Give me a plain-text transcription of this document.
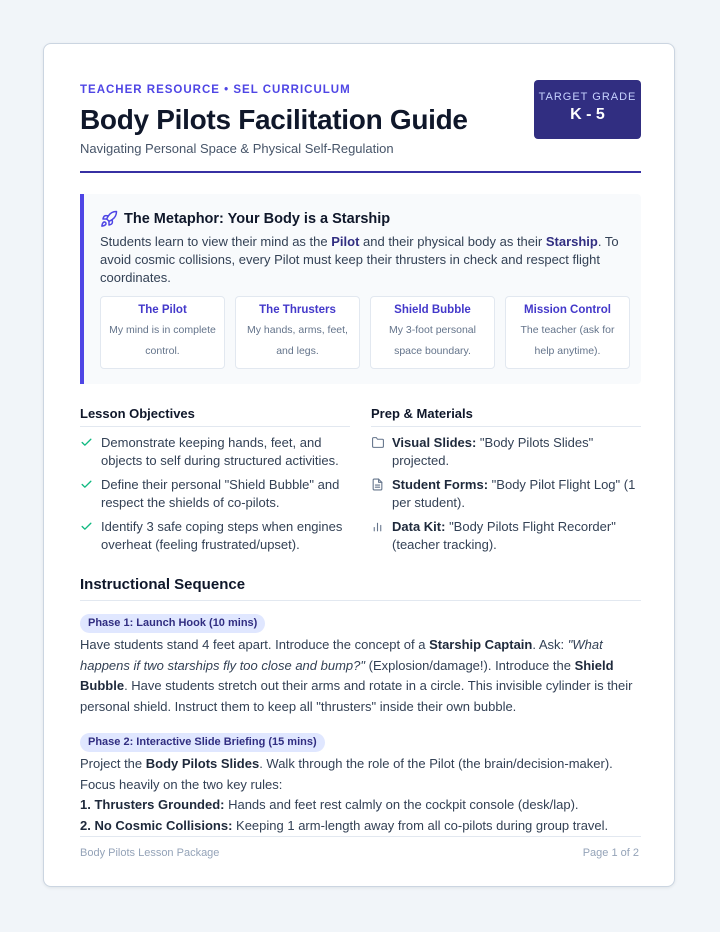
TEACHER RESOURCE • SEL CURRICULUM
Body Pilots Facilitation Guide
Navigating Personal Space & Physical Self-Regulation
TARGET GRADE
K - 5
The Metaphor: Your Body is a Starship
Students learn to view their mind as the Pilot and their physical body as their Starship. To avoid cosmic collisions, every Pilot must keep their thrusters in check and respect flight coordinates.
The Pilot
My mind is in complete control.
The Thrusters
My hands, arms, feet, and legs.
Shield Bubble
My 3-foot personal space boundary.
Mission Control
The teacher (ask for help anytime).
Lesson Objectives
Demonstrate keeping hands, feet, and objects to self during structured activities.
Define their personal "Shield Bubble" and respect the shields of co-pilots.
Identify 3 safe coping steps when engines overheat (feeling frustrated/upset).
Prep & Materials
Visual Slides: "Body Pilots Slides" projected.
Student Forms: "Body Pilot Flight Log" (1 per student).
Data Kit: "Body Pilots Flight Recorder" (teacher tracking).
Instructional Sequence
Phase 1: Launch Hook (10 mins)
Have students stand 4 feet apart. Introduce the concept of a Starship Captain. Ask: "What happens if two starships fly too close and bump?" (Explosion/damage!). Introduce the Shield Bubble. Have students stretch out their arms and rotate in a circle. This invisible cylinder is their personal shield. Instruct them to keep all "thrusters" inside their own bubble.
Phase 2: Interactive Slide Briefing (15 mins)
Project the Body Pilots Slides. Walk through the role of the Pilot (the brain/decision-maker). Focus heavily on the two key rules:
1. Thrusters Grounded: Hands and feet rest calmly on the cockpit console (desk/lap).
2. No Cosmic Collisions: Keeping 1 arm-length away from all co-pilots during group travel.
Body Pilots Lesson Package	Page 1 of 2
